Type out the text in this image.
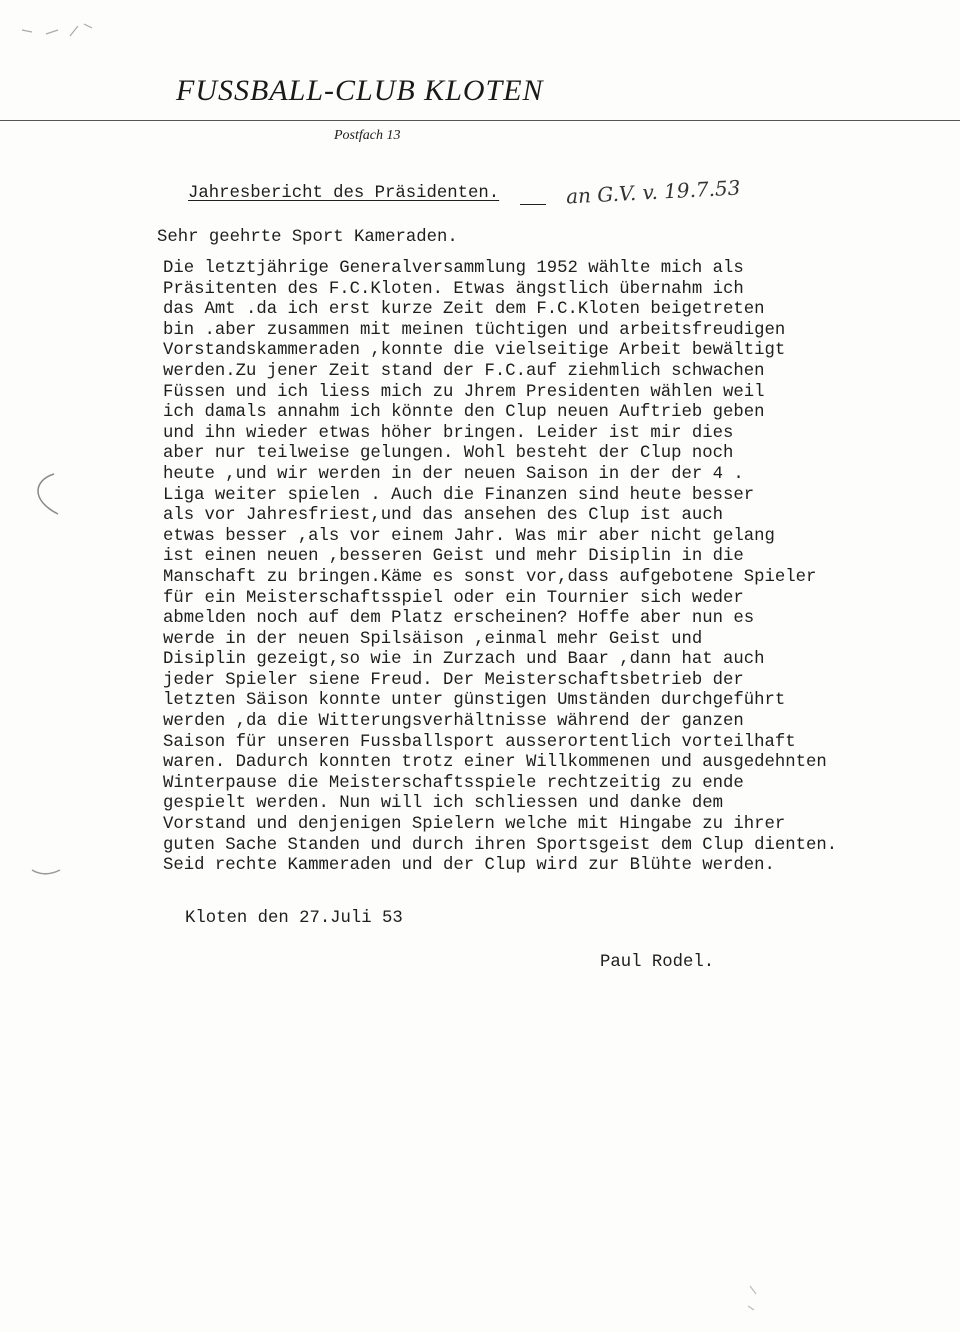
FUSSBALL-CLUB KLOTEN
Postfach 13
Jahresbericht des Präsidenten.	an G.V. v. 19.7.53
Sehr geehrte Sport Kameraden.
Die letztjährige Generalversammlung 1952 wählte mich als
Präsitenten des F.C.Kloten. Etwas ängstlich übernahm ich
das Amt .da ich erst kurze Zeit dem F.C.Kloten beigetreten
bin .aber zusammen mit meinen tüchtigen und arbeitsfreudigen
Vorstandskammeraden ,konnte die vielseitige Arbeit bewältigt
werden.Zu jener Zeit stand der F.C.auf ziehmlich schwachen
Füssen und ich liess mich zu Jhrem Presidenten wählen weil
ich damals annahm ich könnte den Clup neuen Auftrieb geben
und ihn wieder etwas höher bringen. Leider ist mir dies
aber nur teilweise gelungen. Wohl besteht der Clup noch
heute ,und wir werden in der neuen Saison in der der 4 .
Liga weiter spielen . Auch die Finanzen sind heute besser
als vor Jahresfriest,und das ansehen des Clup ist auch
etwas besser ,als vor einem Jahr. Was mir aber nicht gelang
ist einen neuen ,besseren Geist und mehr Disiplin in die
Manschaft zu bringen.Käme es sonst vor,dass aufgebotene Spieler
für ein Meisterschaftsspiel oder ein Tournier sich weder
abmelden noch auf dem Platz erscheinen? Hoffe aber nun es
werde in der neuen Spilsäison ,einmal mehr Geist und
Disiplin gezeigt,so wie in Zurzach und Baar ,dann hat auch
jeder Spieler siene Freud. Der Meisterschaftsbetrieb der
letzten Säison konnte unter günstigen Umständen durchgeführt
werden ,da die Witterungsverhältnisse während der ganzen
Saison für unseren Fussballsport ausserortentlich vorteilhaft
waren. Dadurch konnten trotz einer Willkommenen und ausgedehnten
Winterpause die Meisterschaftsspiele rechtzeitig zu ende
gespielt werden. Nun will ich schliessen und danke dem
Vorstand und denjenigen Spielern welche mit Hingabe zu ihrer
guten Sache Standen und durch ihren Sportsgeist dem Clup dienten.
Seid rechte Kammeraden und der Clup wird zur Blühte werden.
Kloten den 27.Juli 53
Paul Rodel.
